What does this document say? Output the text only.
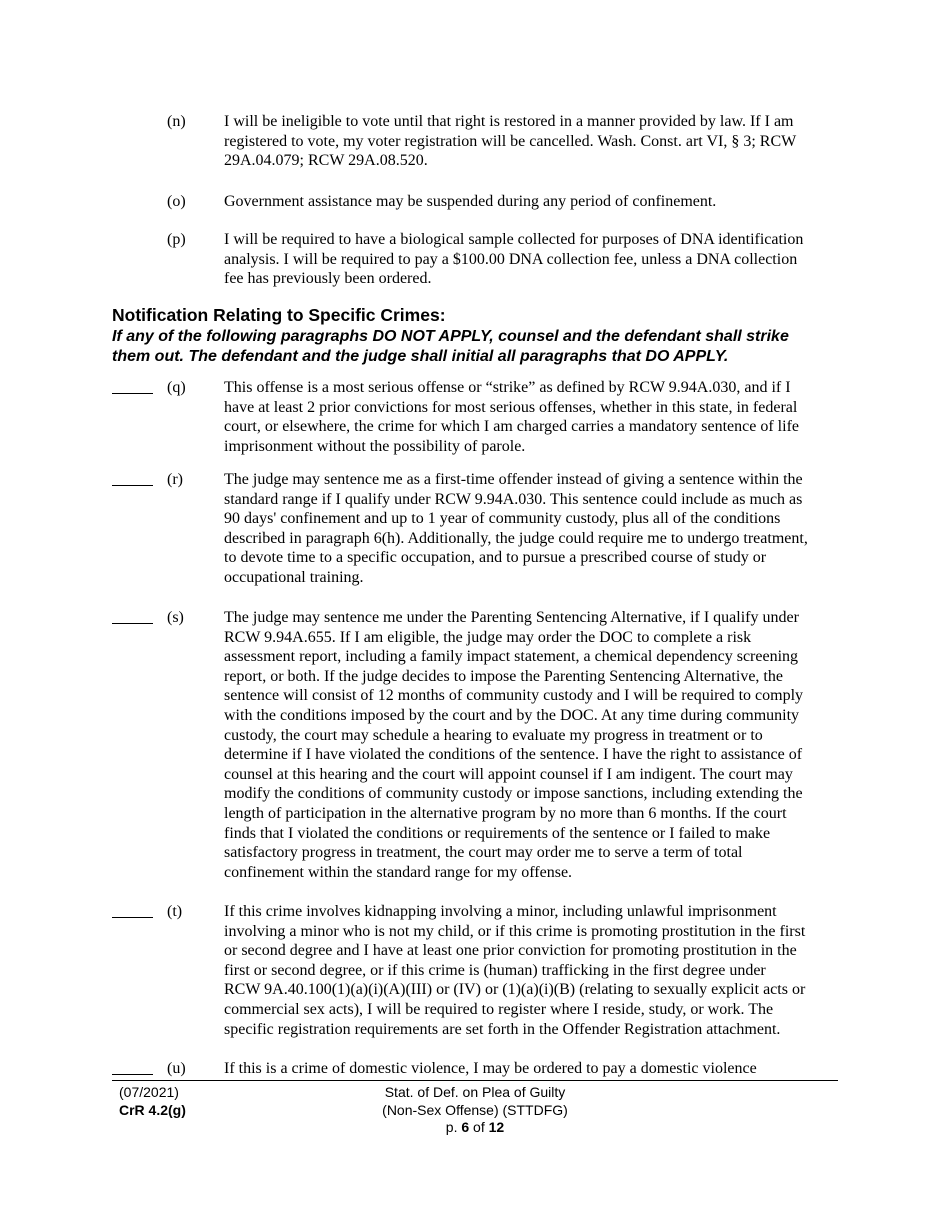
(n) I will be ineligible to vote until that right is restored in a manner provided by law. If I am
registered to vote, my voter registration will be cancelled. Wash. Const. art VI, § 3; RCW
29A.04.079; RCW 29A.08.520.
(o) Government assistance may be suspended during any period of confinement.
(p) I will be required to have a biological sample collected for purposes of DNA identification
analysis. I will be required to pay a $100.00 DNA collection fee, unless a DNA collection
fee has previously been ordered.
Notification Relating to Specific Crimes:
If any of the following paragraphs DO NOT APPLY, counsel and the defendant shall strike
them out. The defendant and the judge shall initial all paragraphs that DO APPLY.
(q) This offense is a most serious offense or “strike” as defined by RCW 9.94A.030, and if I
have at least 2 prior convictions for most serious offenses, whether in this state, in federal
court, or elsewhere, the crime for which I am charged carries a mandatory sentence of life
imprisonment without the possibility of parole.
(r)	The judge may sentence me as a first-time offender instead of giving a sentence within the
standard range if I qualify under RCW 9.94A.030. This sentence could include as much as
90 days' confinement and up to 1 year of community custody, plus all of the conditions
described in paragraph 6(h). Additionally, the judge could require me to undergo treatment,
to devote time to a specific occupation, and to pursue a prescribed course of study or
occupational training.
(s)	The judge may sentence me under the Parenting Sentencing Alternative, if I qualify under
RCW 9.94A.655. If I am eligible, the judge may order the DOC to complete a risk
assessment report, including a family impact statement, a chemical dependency screening
report, or both. If the judge decides to impose the Parenting Sentencing Alternative, the
sentence will consist of 12 months of community custody and I will be required to comply
with the conditions imposed by the court and by the DOC. At any time during community
custody, the court may schedule a hearing to evaluate my progress in treatment or to
determine if I have violated the conditions of the sentence. I have the right to assistance of
counsel at this hearing and the court will appoint counsel if I am indigent. The court may
modify the conditions of community custody or impose sanctions, including extending the
length of participation in the alternative program by no more than 6 months. If the court
finds that I violated the conditions or requirements of the sentence or I failed to make
satisfactory progress in treatment, the court may order me to serve a term of total
confinement within the standard range for my offense.
(t)	If this crime involves kidnapping involving a minor, including unlawful imprisonment
involving a minor who is not my child, or if this crime is promoting prostitution in the first
or second degree and I have at least one prior conviction for promoting prostitution in the
first or second degree, or if this crime is (human) trafficking in the first degree under
RCW 9A.40.100(1)(a)(i)(A)(III) or (IV) or (1)(a)(i)(B) (relating to sexually explicit acts or
commercial sex acts), I will be required to register where I reside, study, or work. The
specific registration requirements are set forth in the Offender Registration attachment.
(u) If this is a crime of domestic violence, I may be ordered to pay a domestic violence
(07/2021)
CrR 4.2(g)
Stat. of Def. on Plea of Guilty
(Non-Sex Offense) (STTDFG)
p. 6 of 12
